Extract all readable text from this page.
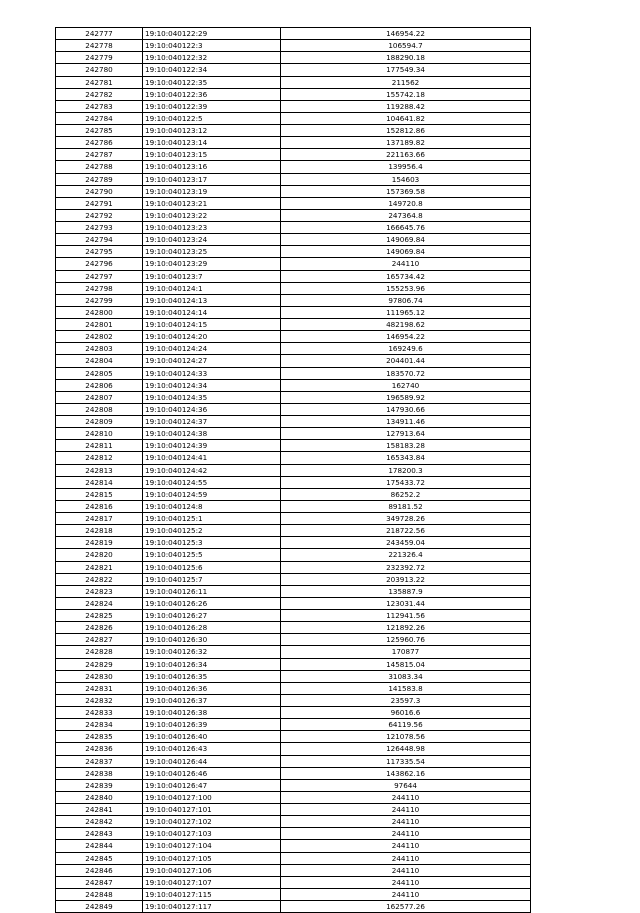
242777	19:10:040122:29	146954.22
242778	19:10:040122:3	106594.7
242779	19:10:040122:32	188290.18
242780	19:10:040122:34	177549.34
242781	19:10:040122:35	211562
242782	19:10:040122:36	155742.18
242783	19:10:040122:39	119288.42
242784	19:10:040122:5	104641.82
242785	19:10:040123:12	152812.86
242786	19:10:040123:14	137189.82
242787	19:10:040123:15	221163.66
242788	19:10:040123:16	139956.4
242789	19:10:040123:17	154603
242790	19:10:040123:19	157369.58
242791	19:10:040123:21	149720.8
242792	19:10:040123:22	247364.8
242793	19:10:040123:23	166645.76
242794	19:10:040123:24	149069.84
242795	19:10:040123:25	149069.84
242796	19:10:040123:29	244110
242797	19:10:040123:7	165734.42
242798	19:10:040124:1	155253.96
242799	19:10:040124:13	97806.74
242800	19:10:040124:14	111965.12
242801	19:10:040124:15	482198.62
242802	19:10:040124:20	146954.22
242803	19:10:040124:24	169249.6
242804	19:10:040124:27	204401.44
242805	19:10:040124:33	183570.72
242806	19:10:040124:34	162740
242807	19:10:040124:35	196589.92
242808	19:10:040124:36	147930.66
242809	19:10:040124:37	134911.46
242810	19:10:040124:38	127913.64
242811	19:10:040124:39	158183.28
242812	19:10:040124:41	165343.84
242813	19:10:040124:42	178200.3
242814	19:10:040124:55	175433.72
242815	19:10:040124:59	86252.2
242816	19:10:040124:8	89181.52
242817	19:10:040125:1	349728.26
242818	19:10:040125:2	218722.56
242819	19:10:040125:3	243459.04
242820	19:10:040125:5	221326.4
242821	19:10:040125:6	232392.72
242822	19:10:040125:7	203913.22
242823	19:10:040126:11	135887.9
242824	19:10:040126:26	123031.44
242825	19:10:040126:27	112941.56
242826	19:10:040126:28	121892.26
242827	19:10:040126:30	125960.76
242828	19:10:040126:32	170877
242829	19:10:040126:34	145815.04
242830	19:10:040126:35	31083.34
242831	19:10:040126:36	141583.8
242832	19:10:040126:37	23597.3
242833	19:10:040126:38	96016.6
242834	19:10:040126:39	64119.56
242835	19:10:040126:40	121078.56
242836	19:10:040126:43	126448.98
242837	19:10:040126:44	117335.54
242838	19:10:040126:46	143862.16
242839	19:10:040126:47	97644
242840	19:10:040127:100	244110
242841	19:10:040127:101	244110
242842	19:10:040127:102	244110
242843	19:10:040127:103	244110
242844	19:10:040127:104	244110
242845	19:10:040127:105	244110
242846	19:10:040127:106	244110
242847	19:10:040127:107	244110
242848	19:10:040127:115	244110
242849	19:10:040127:117	162577.26
